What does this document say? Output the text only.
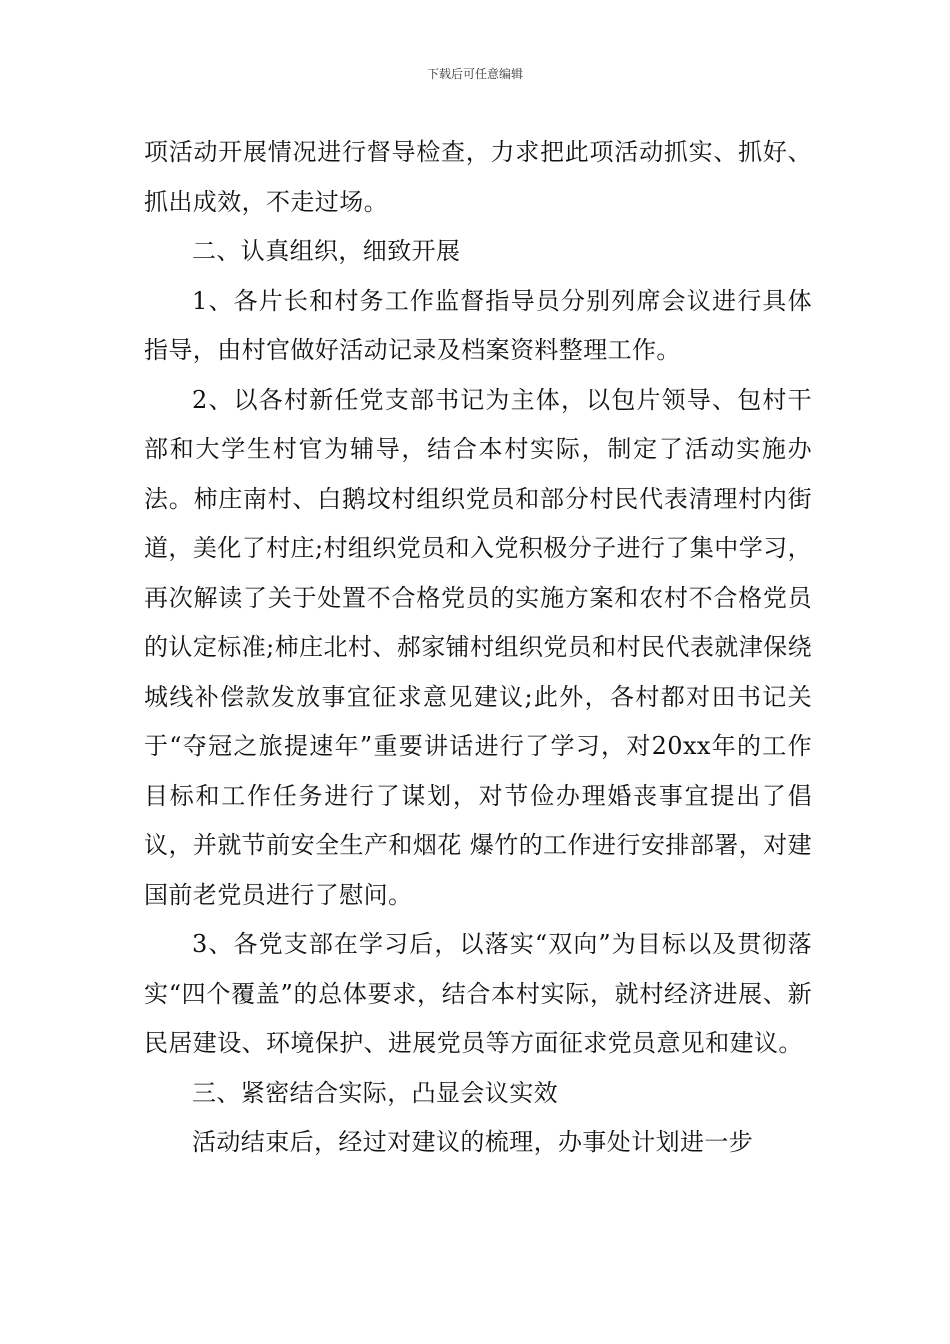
下载后可任意编辑

项活动开展情况进行督导检查，力求把此项活动抓实、抓好、抓出成效，不走过场。

二、认真组织，细致开展

1、各片长和村务工作监督指导员分别列席会议进行具体指导，由村官做好活动记录及档案资料整理工作。

2、以各村新任党支部书记为主体，以包片领导、包村干部和大学生村官为辅导，结合本村实际，制定了活动实施办法。柿庄南村、白鹅坟村组织党员和部分村民代表清理村内街道，美化了村庄;村组织党员和入党积极分子进行了集中学习，再次解读了关于处置不合格党员的实施方案和农村不合格党员的认定标准;柿庄北村、郝家铺村组织党员和村民代表就津保绕城线补偿款发放事宜征求意见建议;此外，各村都对田书记关于“夺冠之旅提速年”重要讲话进行了学习，对20xx年的工作目标和工作任务进行了谋划，对节俭办理婚丧事宜提出了倡议，并就节前安全生产和烟花 爆竹的工作进行安排部署，对建国前老党员进行了慰问。

3、各党支部在学习后，以落实“双向”为目标以及贯彻落实“四个覆盖”的总体要求，结合本村实际，就村经济进展、新民居建设、环境保护、进展党员等方面征求党员意见和建议。

三、紧密结合实际，凸显会议实效

活动结束后，经过对建议的梳理，办事处计划进一步
